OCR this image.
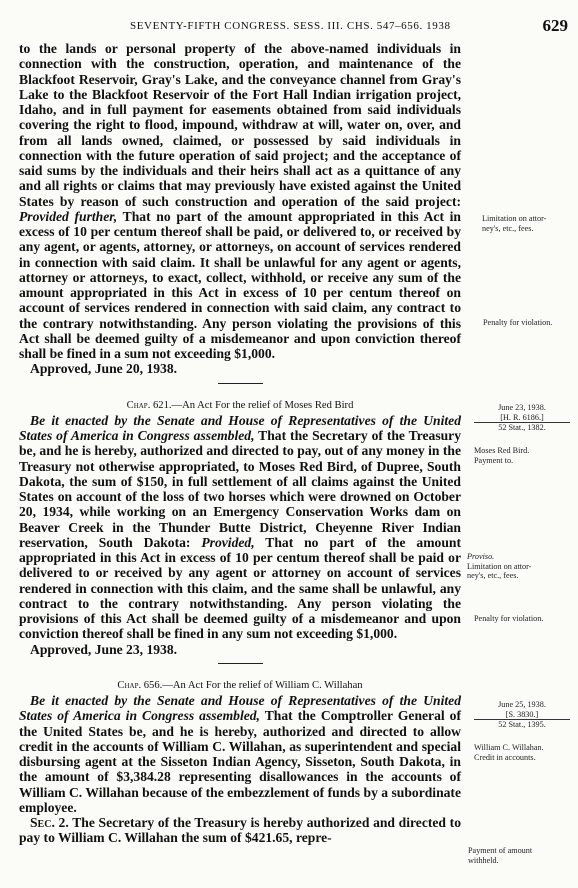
SEVENTY-FIFTH CONGRESS. SESS. III. CHS. 547–656. 1938	629

to the lands or personal property of the above-named individuals in connection with the construction, operation, and maintenance of the Blackfoot Reservoir, Gray's Lake, and the conveyance channel from Gray's Lake to the Blackfoot Reservoir of the Fort Hall Indian irrigation project, Idaho, and in full payment for easements obtained from said individuals covering the right to flood, impound, withdraw at will, water on, over, and from all lands owned, claimed, or possessed by said individuals in connection with the future operation of said project; and the acceptance of said sums by the individuals and their heirs shall act as a quittance of any and all rights or claims that may previously have existed against the United States by reason of such construction and operation of the said project: Provided further, That no part of the amount appropriated in this Act in excess of 10 per centum thereof shall be paid, or delivered to, or received by any agent, or agents, attorney, or attorneys, on account of services rendered in connection with said claim. It shall be unlawful for any agent or agents, attorney or attorneys, to exact, collect, withhold, or receive any sum of the amount appropriated in this Act in excess of 10 per centum thereof on account of services rendered in connection with said claim, any contract to the contrary notwithstanding. Any person violating the provisions of this Act shall be deemed guilty of a misdemeanor and upon conviction thereof shall be fined in a sum not exceeding $1,000.

Approved, June 20, 1938.

Chap. 621.—An Act For the relief of Moses Red Bird

Be it enacted by the Senate and House of Representatives of the United States of America in Congress assembled, That the Secretary of the Treasury be, and he is hereby, authorized and directed to pay, out of any money in the Treasury not otherwise appropriated, to Moses Red Bird, of Dupree, South Dakota, the sum of $150, in full settlement of all claims against the United States on account of the loss of two horses which were drowned on October 20, 1934, while working on an Emergency Conservation Works dam on Beaver Creek in the Thunder Butte District, Cheyenne River Indian reservation, South Dakota: Provided, That no part of the amount appropriated in this Act in excess of 10 per centum thereof shall be paid or delivered to or received by any agent or attorney on account of services rendered in connection with this claim, and the same shall be unlawful, any contract to the contrary notwithstanding. Any person violating the provisions of this Act shall be deemed guilty of a misdemeanor and upon conviction thereof shall be fined in any sum not exceeding $1,000.

Approved, June 23, 1938.

Chap. 656.—An Act For the relief of William C. Willahan

Be it enacted by the Senate and House of Representatives of the United States of America in Congress assembled, That the Comptroller General of the United States be, and he is hereby, authorized and directed to allow credit in the accounts of William C. Willahan, as superintendent and special disbursing agent at the Sisseton Indian Agency, Sisseton, South Dakota, in the amount of $3,384.28 representing disallowances in the accounts of William C. Willahan because of the embezzlement of funds by a subordinate employee.

Sec. 2. The Secretary of the Treasury is hereby authorized and directed to pay to William C. Willahan the sum of $421.65, repre-

Limitation on attor-
ney's, etc., fees.
Penalty for violation.
June 23, 1938.
[H. R. 6186.]
52 Stat., 1382.
Moses Red Bird.
Payment to.
Proviso.
Limitation on attor-
ney's, etc., fees.
Penalty for violation.
June 25, 1938.
[S. 3830.]
52 Stat., 1395.
William C. Willahan.
Credit in accounts.
Payment of amount
withheld.
